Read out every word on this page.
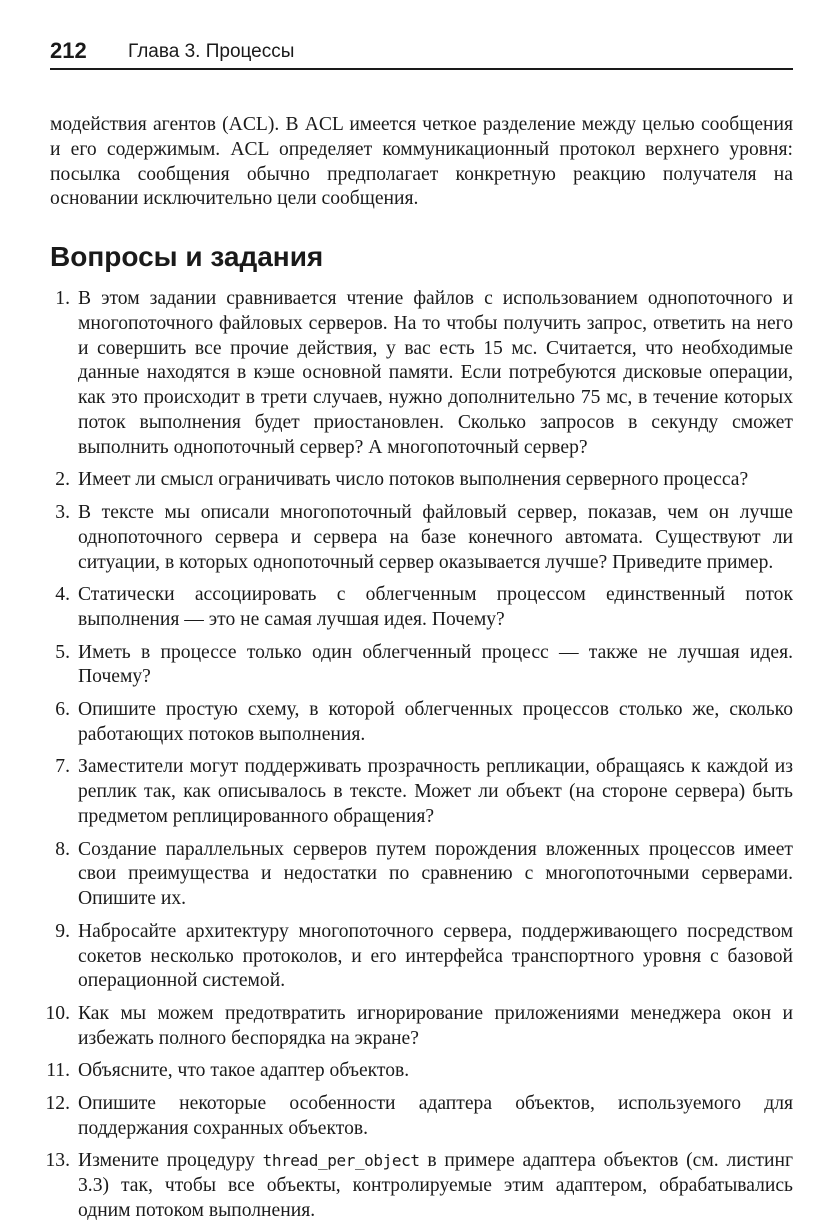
212 Глава 3. Процессы

модействия агентов (ACL). В ACL имеется четкое разделение между целью сообщения и его содержимым. ACL определяет коммуникационный протокол верхнего уровня: посылка сообщения обычно предполагает конкретную реакцию получателя на основании исключительно цели сообщения.

Вопросы и задания
1. В этом задании сравнивается чтение файлов с использованием однопоточного и многопоточного файловых серверов. На то чтобы получить запрос, ответить на него и совершить все прочие действия, у вас есть 15 мс. Считается, что необходимые данные находятся в кэше основной памяти. Если потребуются дисковые операции, как это происходит в трети случаев, нужно дополнительно 75 мс, в течение которых поток выполнения будет приостановлен. Сколько запросов в секунду сможет выполнить однопоточный сервер? А многопоточный сервер?
2. Имеет ли смысл ограничивать число потоков выполнения серверного процесса?
3. В тексте мы описали многопоточный файловый сервер, показав, чем он лучше однопоточного сервера и сервера на базе конечного автомата. Существуют ли ситуации, в которых однопоточный сервер оказывается лучше? Приведите пример.
4. Статически ассоциировать с облегченным процессом единственный поток выполнения — это не самая лучшая идея. Почему?
5. Иметь в процессе только один облегченный процесс — также не лучшая идея. Почему?
6. Опишите простую схему, в которой облегченных процессов столько же, сколько работающих потоков выполнения.
7. Заместители могут поддерживать прозрачность репликации, обращаясь к каждой из реплик так, как описывалось в тексте. Может ли объект (на стороне сервера) быть предметом реплицированного обращения?
8. Создание параллельных серверов путем порождения вложенных процессов имеет свои преимущества и недостатки по сравнению с многопоточными серверами. Опишите их.
9. Набросайте архитектуру многопоточного сервера, поддерживающего посредством сокетов несколько протоколов, и его интерфейса транспортного уровня с базовой операционной системой.
10. Как мы можем предотвратить игнорирование приложениями менеджера окон и избежать полного беспорядка на экране?
11. Объясните, что такое адаптер объектов.
12. Опишите некоторые особенности адаптера объектов, используемого для поддержания сохранных объектов.
13. Измените процедуру thread_per_object в примере адаптера объектов (см. листинг 3.3) так, чтобы все объекты, контролируемые этим адаптером, обрабатывались одним потоком выполнения.
